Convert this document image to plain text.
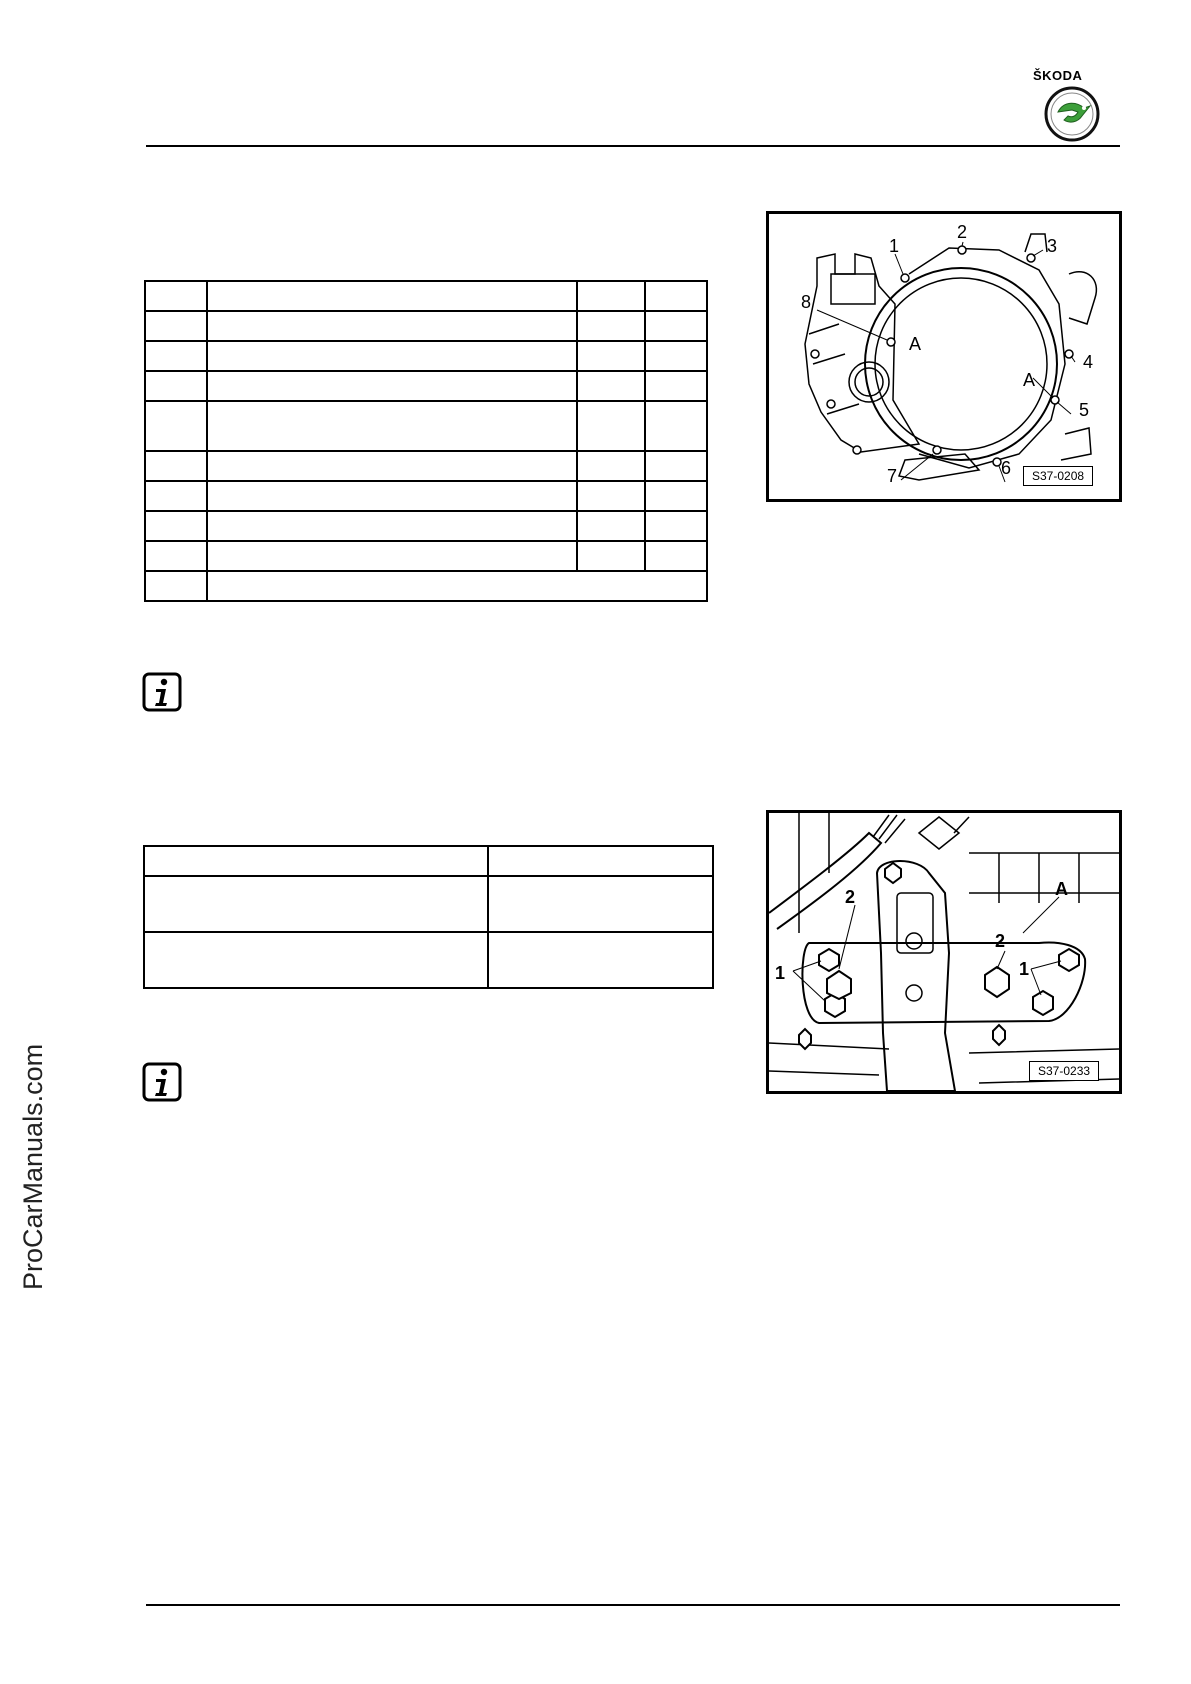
ŠKODA
ProCarManuals.com

1
2
3
4
5
6
7
8
A
A
S37-0208
1	1
2
2
A
S37-0233
